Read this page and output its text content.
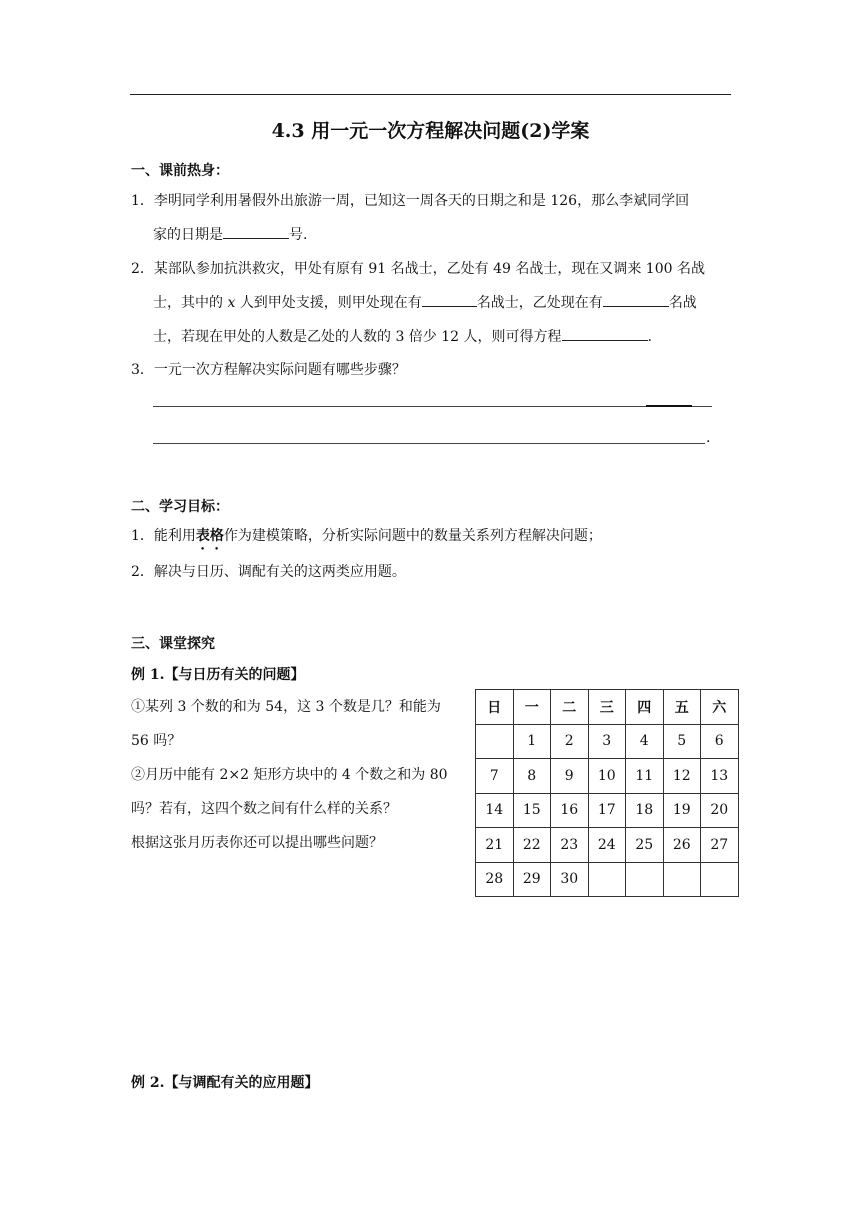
4.3 用一元一次方程解决问题(2)学案
一、课前热身：
1．李明同学利用暑假外出旅游一周，已知这一周各天的日期之和是 126，那么李斌同学回
家的日期是	号.
2．某部队参加抗洪救灾，甲处有原有 91 名战士，乙处有 49 名战士，现在又调来 100 名战
士，其中的 x 人到甲处支援，则甲处现在有	名战士，乙处现在有	名战
士，若现在甲处的人数是乙处的人数的 3 倍少 12 人，则可得方程	.
3．一元一次方程解决实际问题有哪些步骤？
.
二、学习目标：
1．能利用表格作为建模策略，分析实际问题中的数量关系列方程解决问题；
2．解决与日历、调配有关的这两类应用题。
三、课堂探究
例 1.【与日历有关的问题】
①某列 3 个数的和为 54，这 3 个数是几？和能为
56 吗？
②月历中能有 2×2 矩形方块中的 4 个数之和为 80
吗？若有，这四个数之间有什么样的关系？
根据这张月历表你还可以提出哪些问题？
日	一	二	三	四	五	六
	1	2	3	4	5	6
7	8	9	10	11	12	13
14	15	16	17	18	19	20
21	22	23	24	25	26	27
28	29	30				
例 2.【与调配有关的应用题】
